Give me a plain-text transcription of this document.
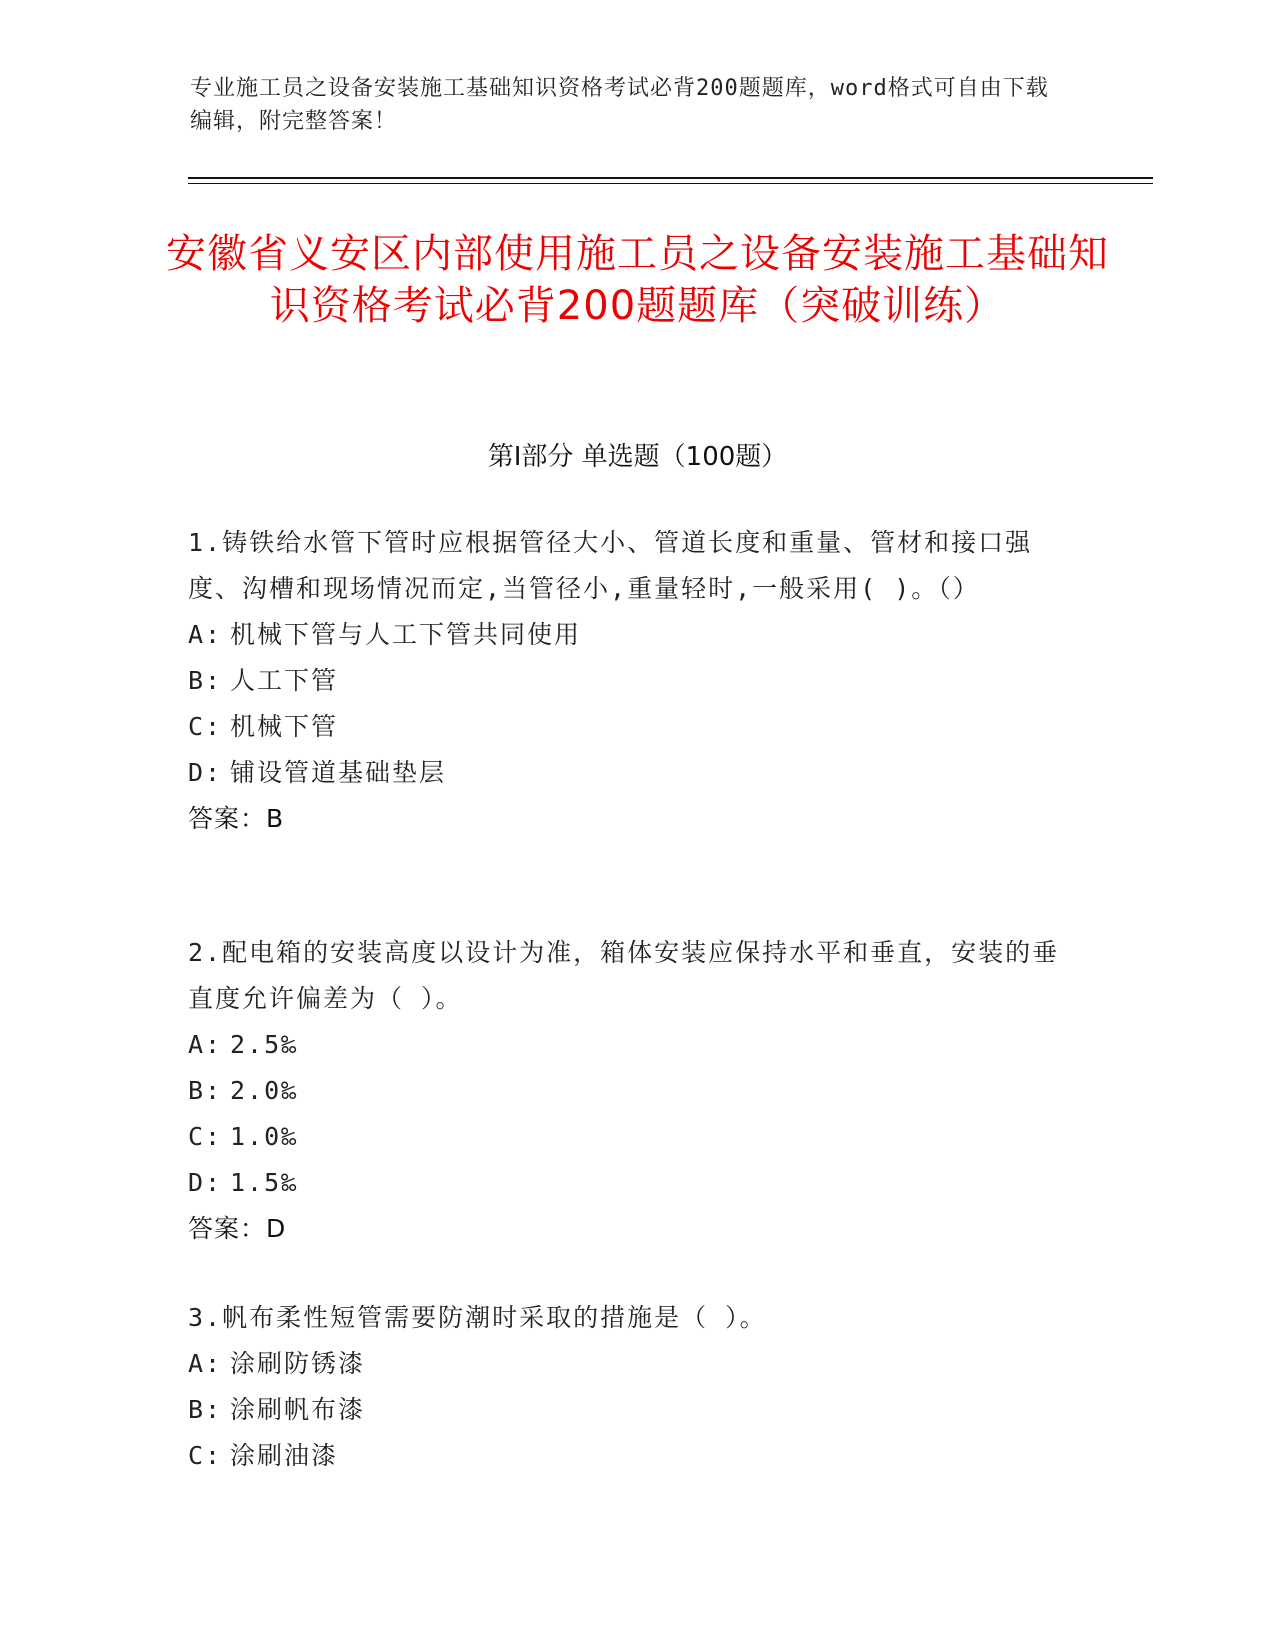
专业施工员之设备安装施工基础知识资格考试必背200题题库，word格式可自由下载编辑，附完整答案！
安徽省义安区内部使用施工员之设备安装施工基础知识资格考试必背200题题库（突破训练）
第I部分 单选题（100题）
1.铸铁给水管下管时应根据管径大小、管道长度和重量、管材和接口强度、沟槽和现场情况而定,当管径小,重量轻时,一般采用( )。（）
A: 机械下管与人工下管共同使用
B: 人工下管
C: 机械下管
D: 铺设管道基础垫层
答案：B
2.配电箱的安装高度以设计为准，箱体安装应保持水平和垂直，安装的垂直度允许偏差为（ ）。
A: 2.5‰
B: 2.0‰
C: 1.0‰
D: 1.5‰
答案：D
3.帆布柔性短管需要防潮时采取的措施是（ ）。
A: 涂刷防锈漆
B: 涂刷帆布漆
C: 涂刷油漆
